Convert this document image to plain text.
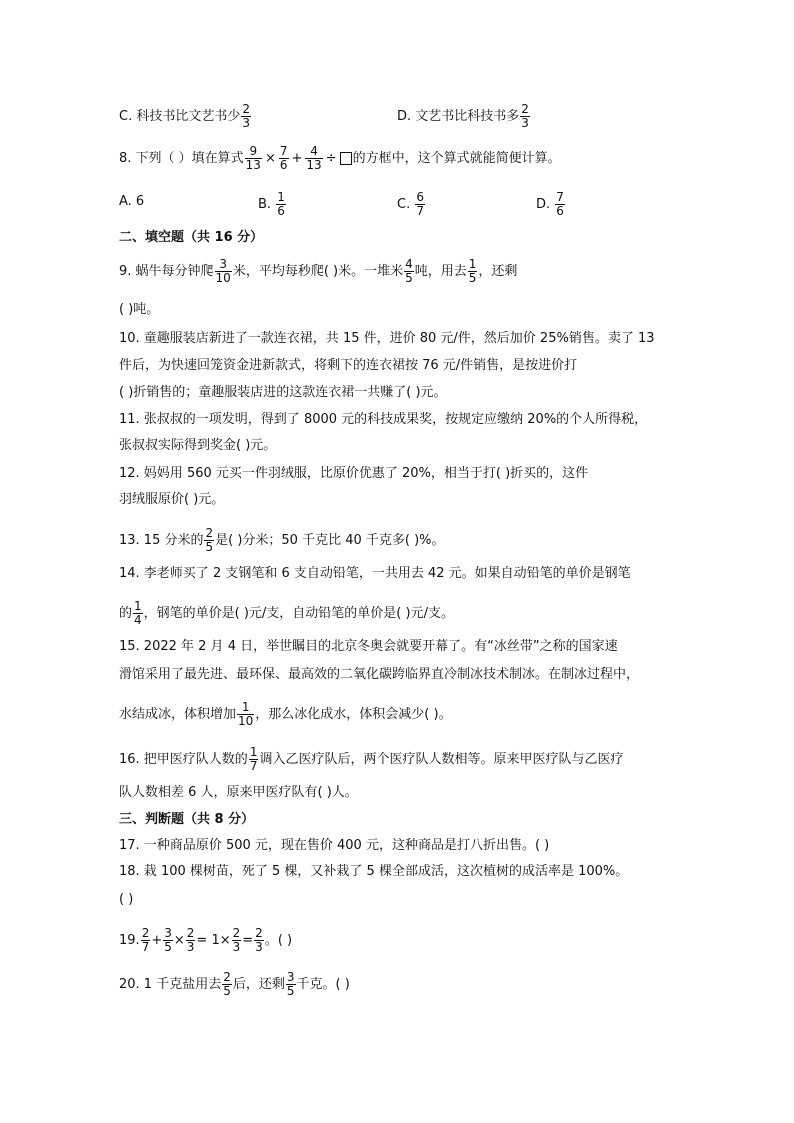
C. 科技书比文艺书少 $\frac{2}{3}$	D. 文艺书比科技书多 $\frac{2}{3}$
8. 下列（ ）填在算式 $\frac{9}{13} \times \frac{7}{6} + \frac{4}{13}$ ÷ 的方框中，这个算式就能简便计算。
A. 6	B. $\frac{1}{6}$	C. $\frac{6}{7}$	D. $\frac{7}{6}$
二、填空题（共 16 分）
9. 蜗牛每分钟爬 $\frac{3}{10}$ 米，平均每秒爬( )米。一堆米 $\frac{4}{5}$ 吨，用去 $\frac{1}{5}$ ，还剩
( )吨。
10. 童趣服装店新进了一款连衣裙，共 15 件，进价 80 元/件，然后加价 25%销售。卖了 13
件后，为快速回笼资金进新款式，将剩下的连衣裙按 76 元/件销售，是按进价打
( )折销售的；童趣服装店进的这款连衣裙一共赚了( )元。
11. 张叔叔的一项发明，得到了 8000 元的科技成果奖，按规定应缴纳 20%的个人所得税，
张叔叔实际得到奖金( )元。
12. 妈妈用 560 元买一件羽绒服，比原价优惠了 20%，相当于打( )折买的，这件
羽绒服原价( )元。
13. 15 分米的 $\frac{2}{5}$ 是( )分米；50 千克比 40 千克多( )%。
14. 李老师买了 2 支钢笔和 6 支自动铅笔，一共用去 42 元。如果自动铅笔的单价是钢笔
的 $\frac{1}{4}$ ，钢笔的单价是( )元/支，自动铅笔的单价是( )元/支。
15. 2022 年 2 月 4 日，举世瞩目的北京冬奥会就要开幕了。有“冰丝带”之称的国家速
滑馆采用了最先进、最环保、最高效的二氧化碳跨临界直冷制冰技术制冰。在制冰过程中，
水结成冰，体积增加 $\frac{1}{10}$ ，那么冰化成水，体积会减少( )。
16. 把甲医疗队人数的 $\frac{1}{7}$ 调入乙医疗队后，两个医疗队人数相等。原来甲医疗队与乙医疗
队人数相差 6 人，原来甲医疗队有( )人。
三、判断题（共 8 分）
17. 一种商品原价 500 元，现在售价 400 元，这种商品是打八折出售。( )
18. 栽 100 棵树苗，死了 5 棵，又补栽了 5 棵全部成活，这次植树的成活率是 100%。
( )
19. $\frac{2}{7} + \frac{3}{5} \times \frac{2}{3} = 1\times \frac{2}{3} = \frac{2}{3}$ 。( )
20. 1 千克盐用去 $\frac{2}{5}$ 后，还剩 $\frac{3}{5}$ 千克。( )
